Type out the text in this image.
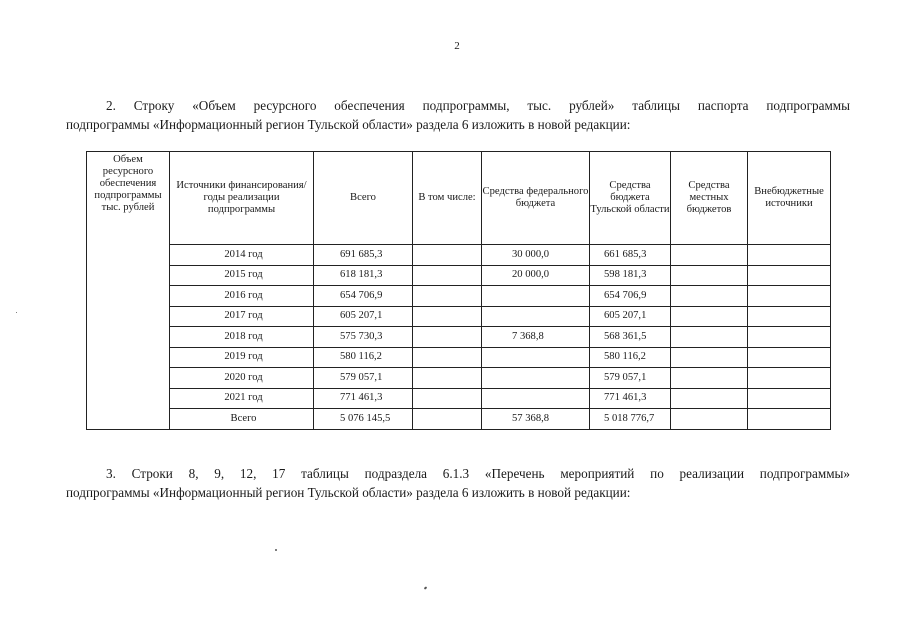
2
2. Строку «Объем ресурсного обеспечения подпрограммы, тыс. рублей» таблицы паспорта подпрограммы
подпрограммы «Информационный регион Тульской области» раздела 6 изложить в новой редакции:
Объем ресурсного обеспечения подпрограммы тыс. рублей	Источники финансирования/ годы реализации подпрограммы	Всего	В том числе:	Средства федерального бюджета	Средства бюджета Тульской области	Средства местных бюджетов	Внебюджетные источники
	2014 год	691 685,3		30 000,0	661 685,3		
	2015 год	618 181,3		20 000,0	598 181,3		
	2016 год	654 706,9			654 706,9		
	2017 год	605 207,1			605 207,1		
	2018 год	575 730,3		7 368,8	568 361,5		
	2019 год	580 116,2			580 116,2		
	2020 год	579 057,1			579 057,1		
	2021 год	771 461,3			771 461,3		
	Всего	5 076 145,5		57 368,8	5 018 776,7		
3. Строки 8, 9, 12, 17 таблицы подраздела 6.1.3 «Перечень мероприятий по реализации подпрограммы»
подпрограммы «Информационный регион Тульской области» раздела 6 изложить в новой редакции:
